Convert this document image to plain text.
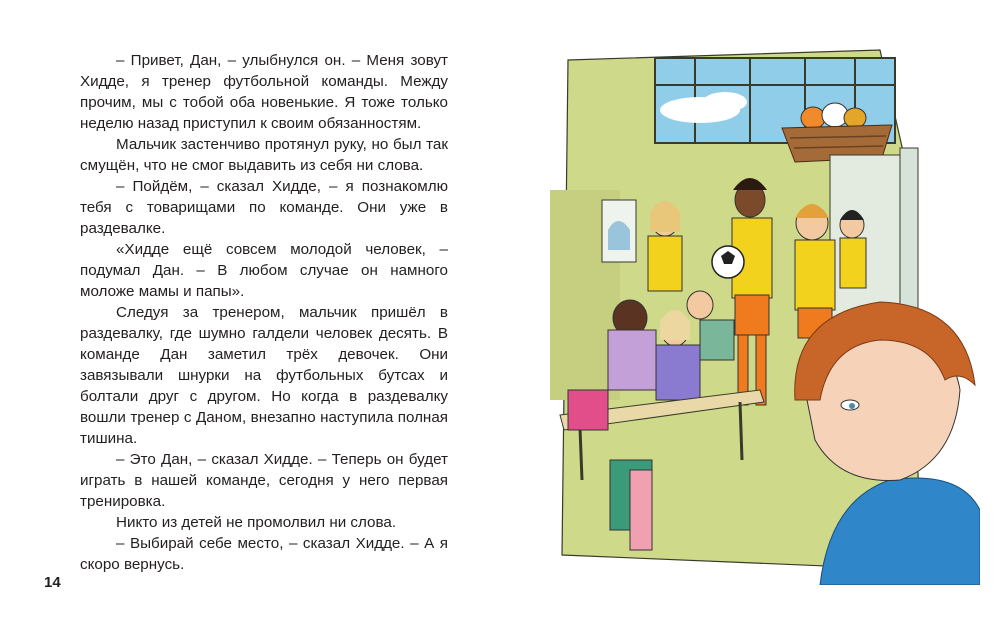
– Привет, Дан, – улыбнулся он. – Меня зовут Хидде, я тренер футбольной команды. Между прочим, мы с тобой оба новенькие. Я тоже только неделю назад приступил к своим обязанностям.

Мальчик застенчиво протянул руку, но был так смущён, что не смог выдавить из себя ни слова.

– Пойдём, – сказал Хидде, – я познакомлю тебя с товарищами по команде. Они уже в раздевалке.

«Хидде ещё совсем молодой человек, – подумал Дан. – В любом случае он намного моложе мамы и папы».

Следуя за тренером, мальчик пришёл в раздевалку, где шумно галдели человек десять. В команде Дан заметил трёх девочек. Они завязывали шнурки на футбольных бутсах и болтали друг с другом. Но когда в раздевалку вошли тренер с Даном, внезапно наступила полная тишина.

– Это Дан, – сказал Хидде. – Теперь он будет играть в нашей команде, сегодня у него первая тренировка.

Никто из детей не промолвил ни слова.

– Выбирай себе место, – сказал Хидде. – А я скоро вернусь.

14
